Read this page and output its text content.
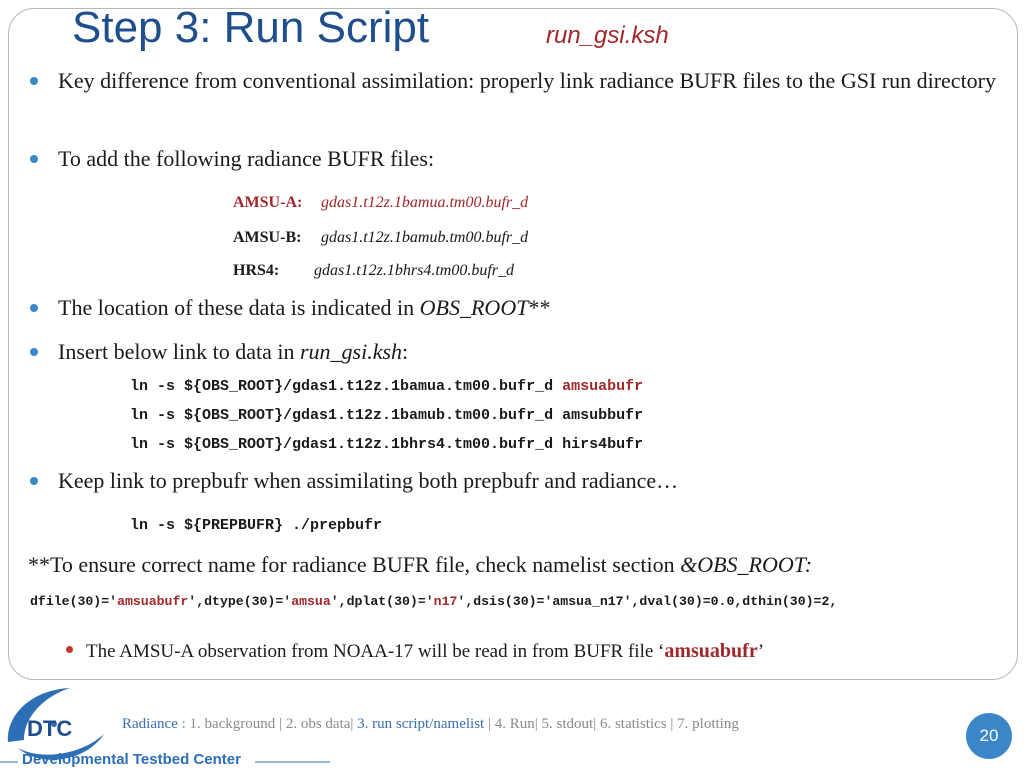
Step 3: Run Script	run_gsi.ksh
Key difference from conventional assimilation: properly link radiance BUFR files to the GSI run directory
To add the following radiance BUFR files:
AMSU-A: gdas1.t12z.1bamua.tm00.bufr_d
AMSU-B: gdas1.t12z.1bamub.tm00.bufr_d
HRS4: gdas1.t12z.1bhrs4.tm00.bufr_d
The location of these data is indicated in OBS_ROOT**
Insert below link to data in run_gsi.ksh:
ln -s ${OBS_ROOT}/gdas1.t12z.1bamua.tm00.bufr_d amsuabufr
ln -s ${OBS_ROOT}/gdas1.t12z.1bamub.tm00.bufr_d amsubbufr
ln -s ${OBS_ROOT}/gdas1.t12z.1bhrs4.tm00.bufr_d hirs4bufr
Keep link to prepbufr when assimilating both prepbufr and radiance…
ln -s ${PREPBUFR} ./prepbufr
**To ensure correct name for radiance BUFR file, check namelist section &OBS_ROOT:
dfile(30)='amsuabufr',dtype(30)='amsua',dplat(30)='n17',dsis(30)='amsua_n17',dval(30)=0.0,dthin(30)=2,
The AMSU-A observation from NOAA-17 will be read in from BUFR file ‘amsuabufr’
DTC
Developmental Testbed Center
Radiance : 1. background | 2. obs data| 3. run script/namelist | 4. Run| 5. stdout| 6. statistics | 7. plotting
20
